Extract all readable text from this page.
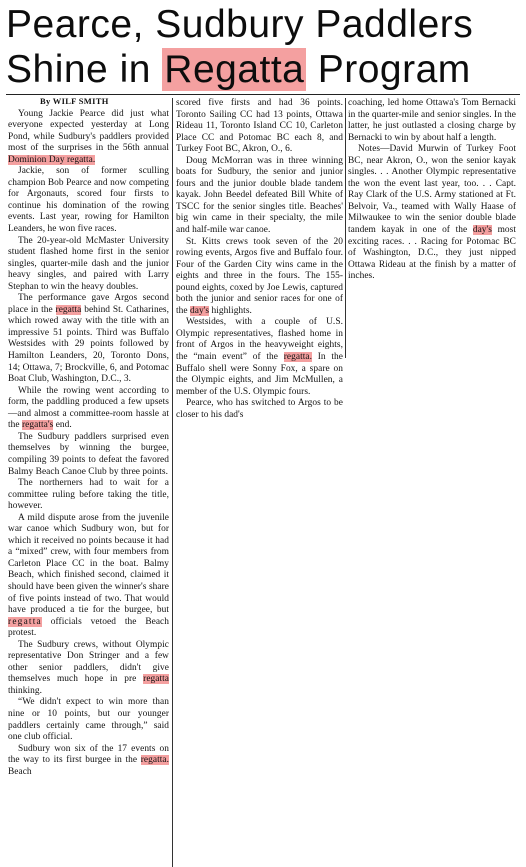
Pearce, Sudbury Paddlers
Shine in Regatta Program
By WILF SMITH

Young Jackie Pearce did just what everyone expected yesterday at Long Pond, while Sudbury's paddlers provided most of the surprises in the 56th annual Dominion Day regatta.

Jackie, son of former sculling champion Bob Pearce and now competing for Argonauts, scored four firsts to continue his domination of the rowing events. Last year, rowing for Hamilton Leanders, he won five races.

The 20-year-old McMaster University student flashed home first in the senior singles, quarter-mile dash and the junior heavy singles, and paired with Larry Stephan to win the heavy doubles.

The performance gave Argos second place in the regatta behind St. Catharines, which rowed away with the title with an impressive 51 points. Third was Buffalo Westsides with 29 points followed by Hamilton Leanders, 20, Toronto Dons, 14; Ottawa, 7; Brockville, 6, and Potomac Boat Club, Washington, D.C., 3.

While the rowing went according to form, the paddling produced a few upsets—and almost a committee-room hassle at the regatta's end.

The Sudbury paddlers surprised even themselves by winning the burgee, compiling 39 points to defeat the favored Balmy Beach Canoe Club by three points.

The northerners had to wait for a committee ruling before taking the title, however.

A mild dispute arose from the juvenile war canoe which Sudbury won, but for which it received no points because it had a “mixed” crew, with four members from Carleton Place CC in the boat. Balmy Beach, which finished second, claimed it should have been given the winner's share of five points instead of two. That would have produced a tie for the burgee, but regatta officials vetoed the Beach protest.

The Sudbury crews, without Olympic representative Don Stringer and a few other senior paddlers, didn't give themselves much hope in pre regatta thinking.

“We didn't expect to win more than nine or 10 points, but our younger paddlers certainly came through,” said one club official.

Sudbury won six of the 17 events on the way to its first burgee in the regatta. Beach

scored five firsts and had 36 points. Toronto Sailing CC had 13 points, Ottawa Rideau 11, Toronto Island CC 10, Carleton Place CC and Potomac BC each 8, and Turkey Foot BC, Akron, O., 6.

Doug McMorran was in three winning boats for Sudbury, the senior and junior fours and the junior double blade tandem kayak. John Beedel defeated Bill White of TSCC for the senior singles title. Beaches' big win came in their specialty, the mile and half-mile war canoe.

St. Kitts crews took seven of the 20 rowing events, Argos five and Buffalo four. Four of the Garden City wins came in the eights and three in the fours. The 155-pound eights, coxed by Joe Lewis, captured both the junior and senior races for one of the day's highlights.

Westsides, with a couple of U.S. Olympic representatives, flashed home in front of Argos in the heavyweight eights, the “main event” of the regatta. In the Buffalo shell were Sonny Fox, a spare on the Olympic eights, and Jim McMullen, a member of the U.S. Olympic fours.

Pearce, who has switched to Argos to be closer to his dad's

coaching, led home Ottawa's Tom Bernacki in the quarter-mile and senior singles. In the latter, he just outlasted a closing charge by Bernacki to win by about half a length.

Notes—David Murwin of Turkey Foot BC, near Akron, O., won the senior kayak singles. . . Another Olympic representative the won the event last year, too. . . Capt. Ray Clark of the U.S. Army stationed at Ft. Belvoir, Va., teamed with Wally Haase of Milwaukee to win the senior double blade tandem kayak in one of the day's most exciting races. . . Racing for Potomac BC of Washington, D.C., they just nipped Ottawa Rideau at the finish by a matter of inches.
